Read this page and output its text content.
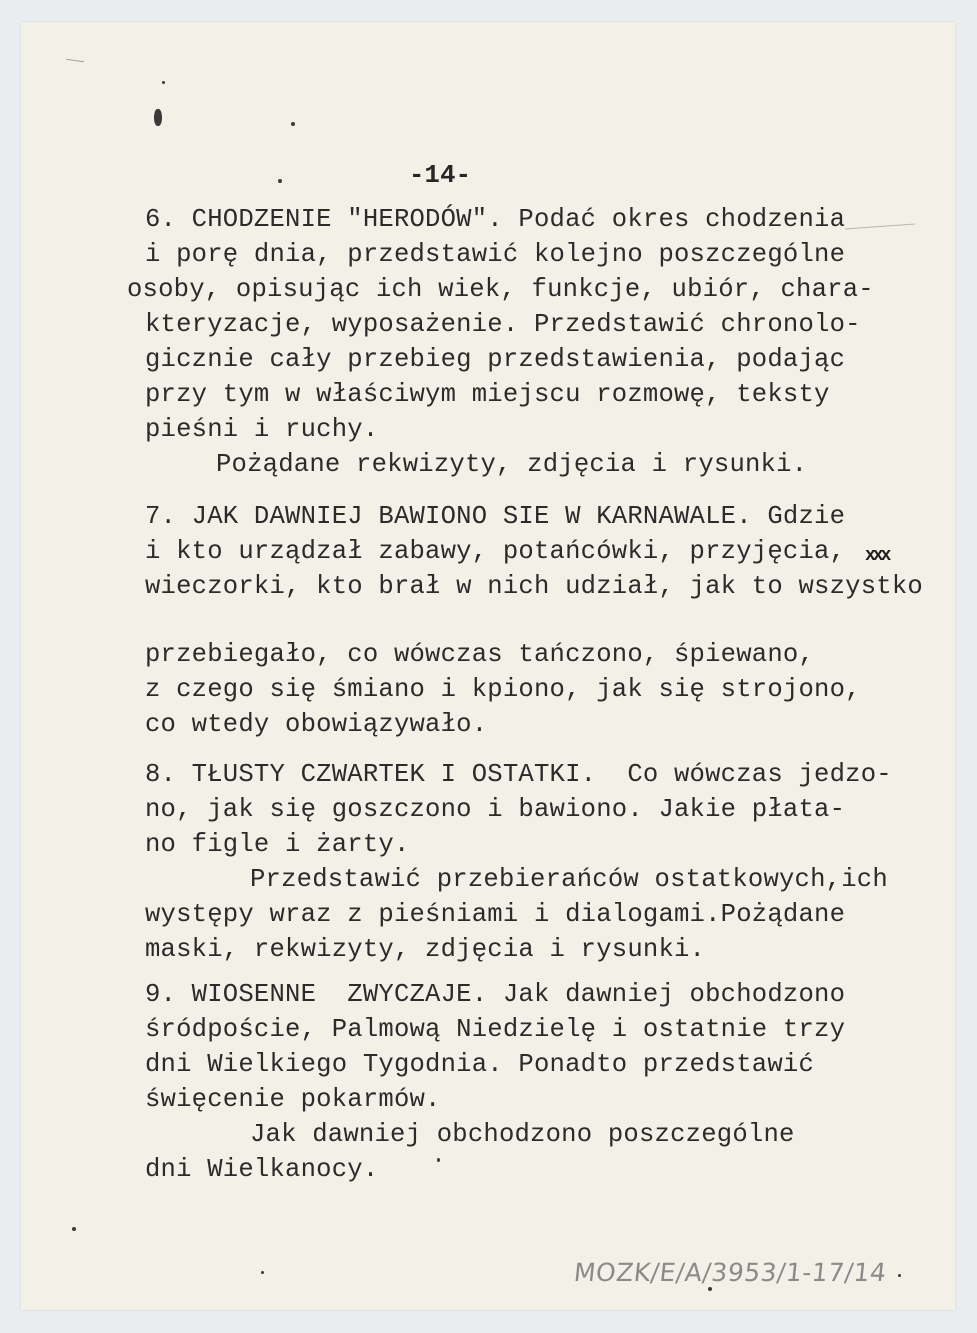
-14-
6. CHODZENIE "HERODÓW". Podać okres chodzenia
i porę dnia, przedstawić kolejno poszczególne
osoby, opisując ich wiek, funkcje, ubiór, chara-
kteryzacje, wyposażenie. Przedstawić chronolo-
gicznie cały przebieg przedstawienia, podając
przy tym w właściwym miejscu rozmowę, teksty
pieśni i ruchy.
Pożądane rekwizyty, zdjęcia i rysunki.
7. JAK DAWNIEJ BAWIONO SIE W KARNAWALE. Gdzie
i kto urządzał zabawy, potańcówki, przyjęcia, xxx
wieczorki, kto brał w nich udział, jak to wszystko
przebiegało, co wówczas tańczono, śpiewano,
z czego się śmiano i kpiono, jak się strojono,
co wtedy obowiązywało.
8. TŁUSTY CZWARTEK I OSTATKI.  Co wówczas jedzo-
no, jak się goszczono i bawiono. Jakie płata-
no figle i żarty.
Przedstawić przebierańców ostatkowych,ich
występy wraz z pieśniami i dialogami.Pożądane
maski, rekwizyty, zdjęcia i rysunki.
9. WIOSENNE  ZWYCZAJE. Jak dawniej obchodzono
śródpoście, Palmową Niedzielę i ostatnie trzy
dni Wielkiego Tygodnia. Ponadto przedstawić
święcenie pokarmów.
Jak dawniej obchodzono poszczególne
dni Wielkanocy.
MOZK/E/A/3953/1-17/14
